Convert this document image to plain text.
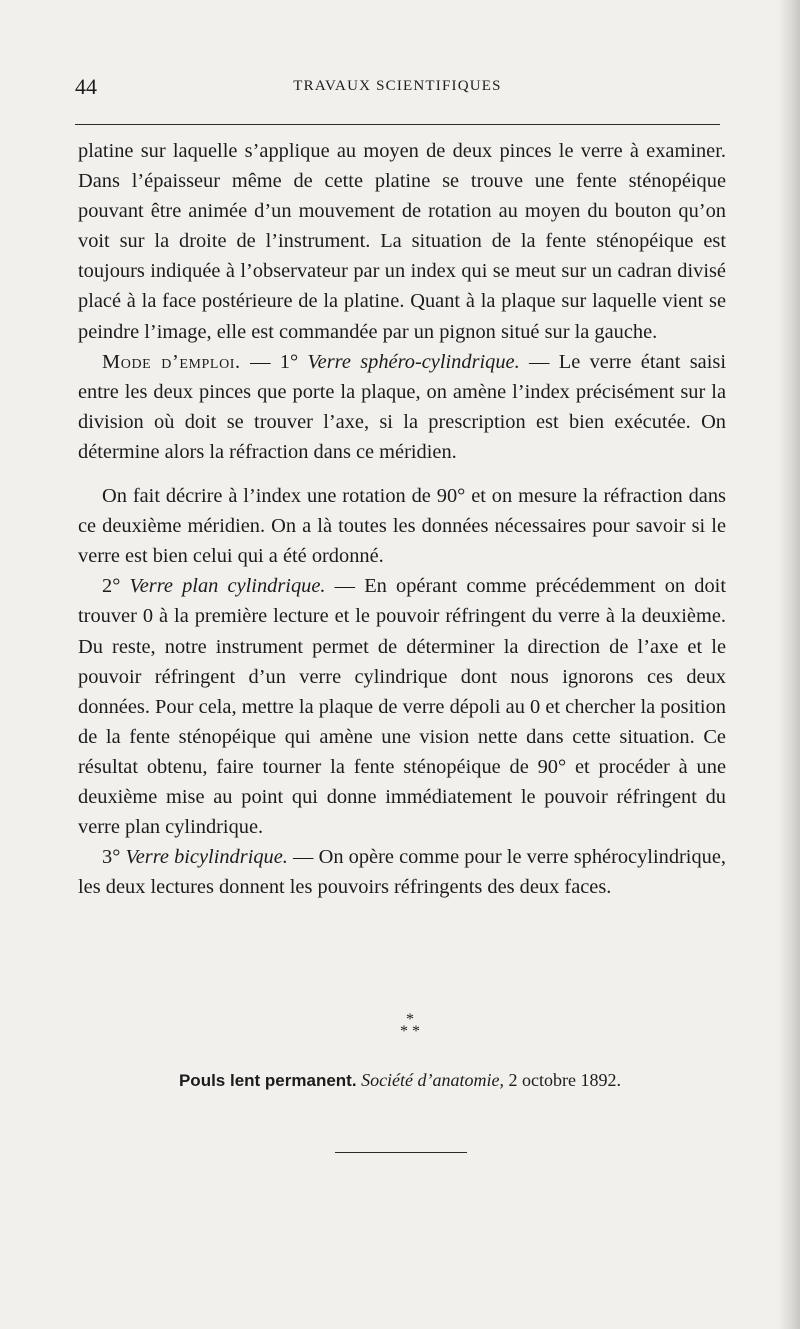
44	TRAVAUX SCIENTIFIQUES

platine sur laquelle s’applique au moyen de deux pinces le verre à examiner. Dans l’épaisseur même de cette platine se trouve une fente sténopéique pouvant être animée d’un mouvement de rotation au moyen du bouton qu’on voit sur la droite de l’instrument. La situation de la fente sténopéique est toujours indiquée à l’observateur par un index qui se meut sur un cadran divisé placé à la face postérieure de la platine. Quant à la plaque sur laquelle vient se peindre l’image, elle est commandée par un pignon situé sur la gauche.

Mode d’emploi. — 1° Verre sphéro-cylindrique. — Le verre étant saisi entre les deux pinces que porte la plaque, on amène l’index précisément sur la division où doit se trouver l’axe, si la prescription est bien exécutée. On détermine alors la réfraction dans ce méridien.

On fait décrire à l’index une rotation de 90° et on mesure la réfraction dans ce deuxième méridien. On a là toutes les données nécessaires pour savoir si le verre est bien celui qui a été ordonné.

2° Verre plan cylindrique. — En opérant comme précédemment on doit trouver 0 à la première lecture et le pouvoir réfringent du verre à la deuxième. Du reste, notre instrument permet de déterminer la direction de l’axe et le pouvoir réfringent d’un verre cylindrique dont nous ignorons ces deux données. Pour cela, mettre la plaque de verre dépoli au 0 et chercher la position de la fente sténopéique qui amène une vision nette dans cette situation. Ce résultat obtenu, faire tourner la fente sténopéique de 90° et procéder à une deuxième mise au point qui donne immédiatement le pouvoir réfringent du verre plan cylindrique.

3° Verre bicylindrique. — On opère comme pour le verre sphérocylindrique, les deux lectures donnent les pouvoirs réfringents des deux faces.

*
* *
Pouls lent permanent. Société d’anatomie, 2 octobre 1892.
